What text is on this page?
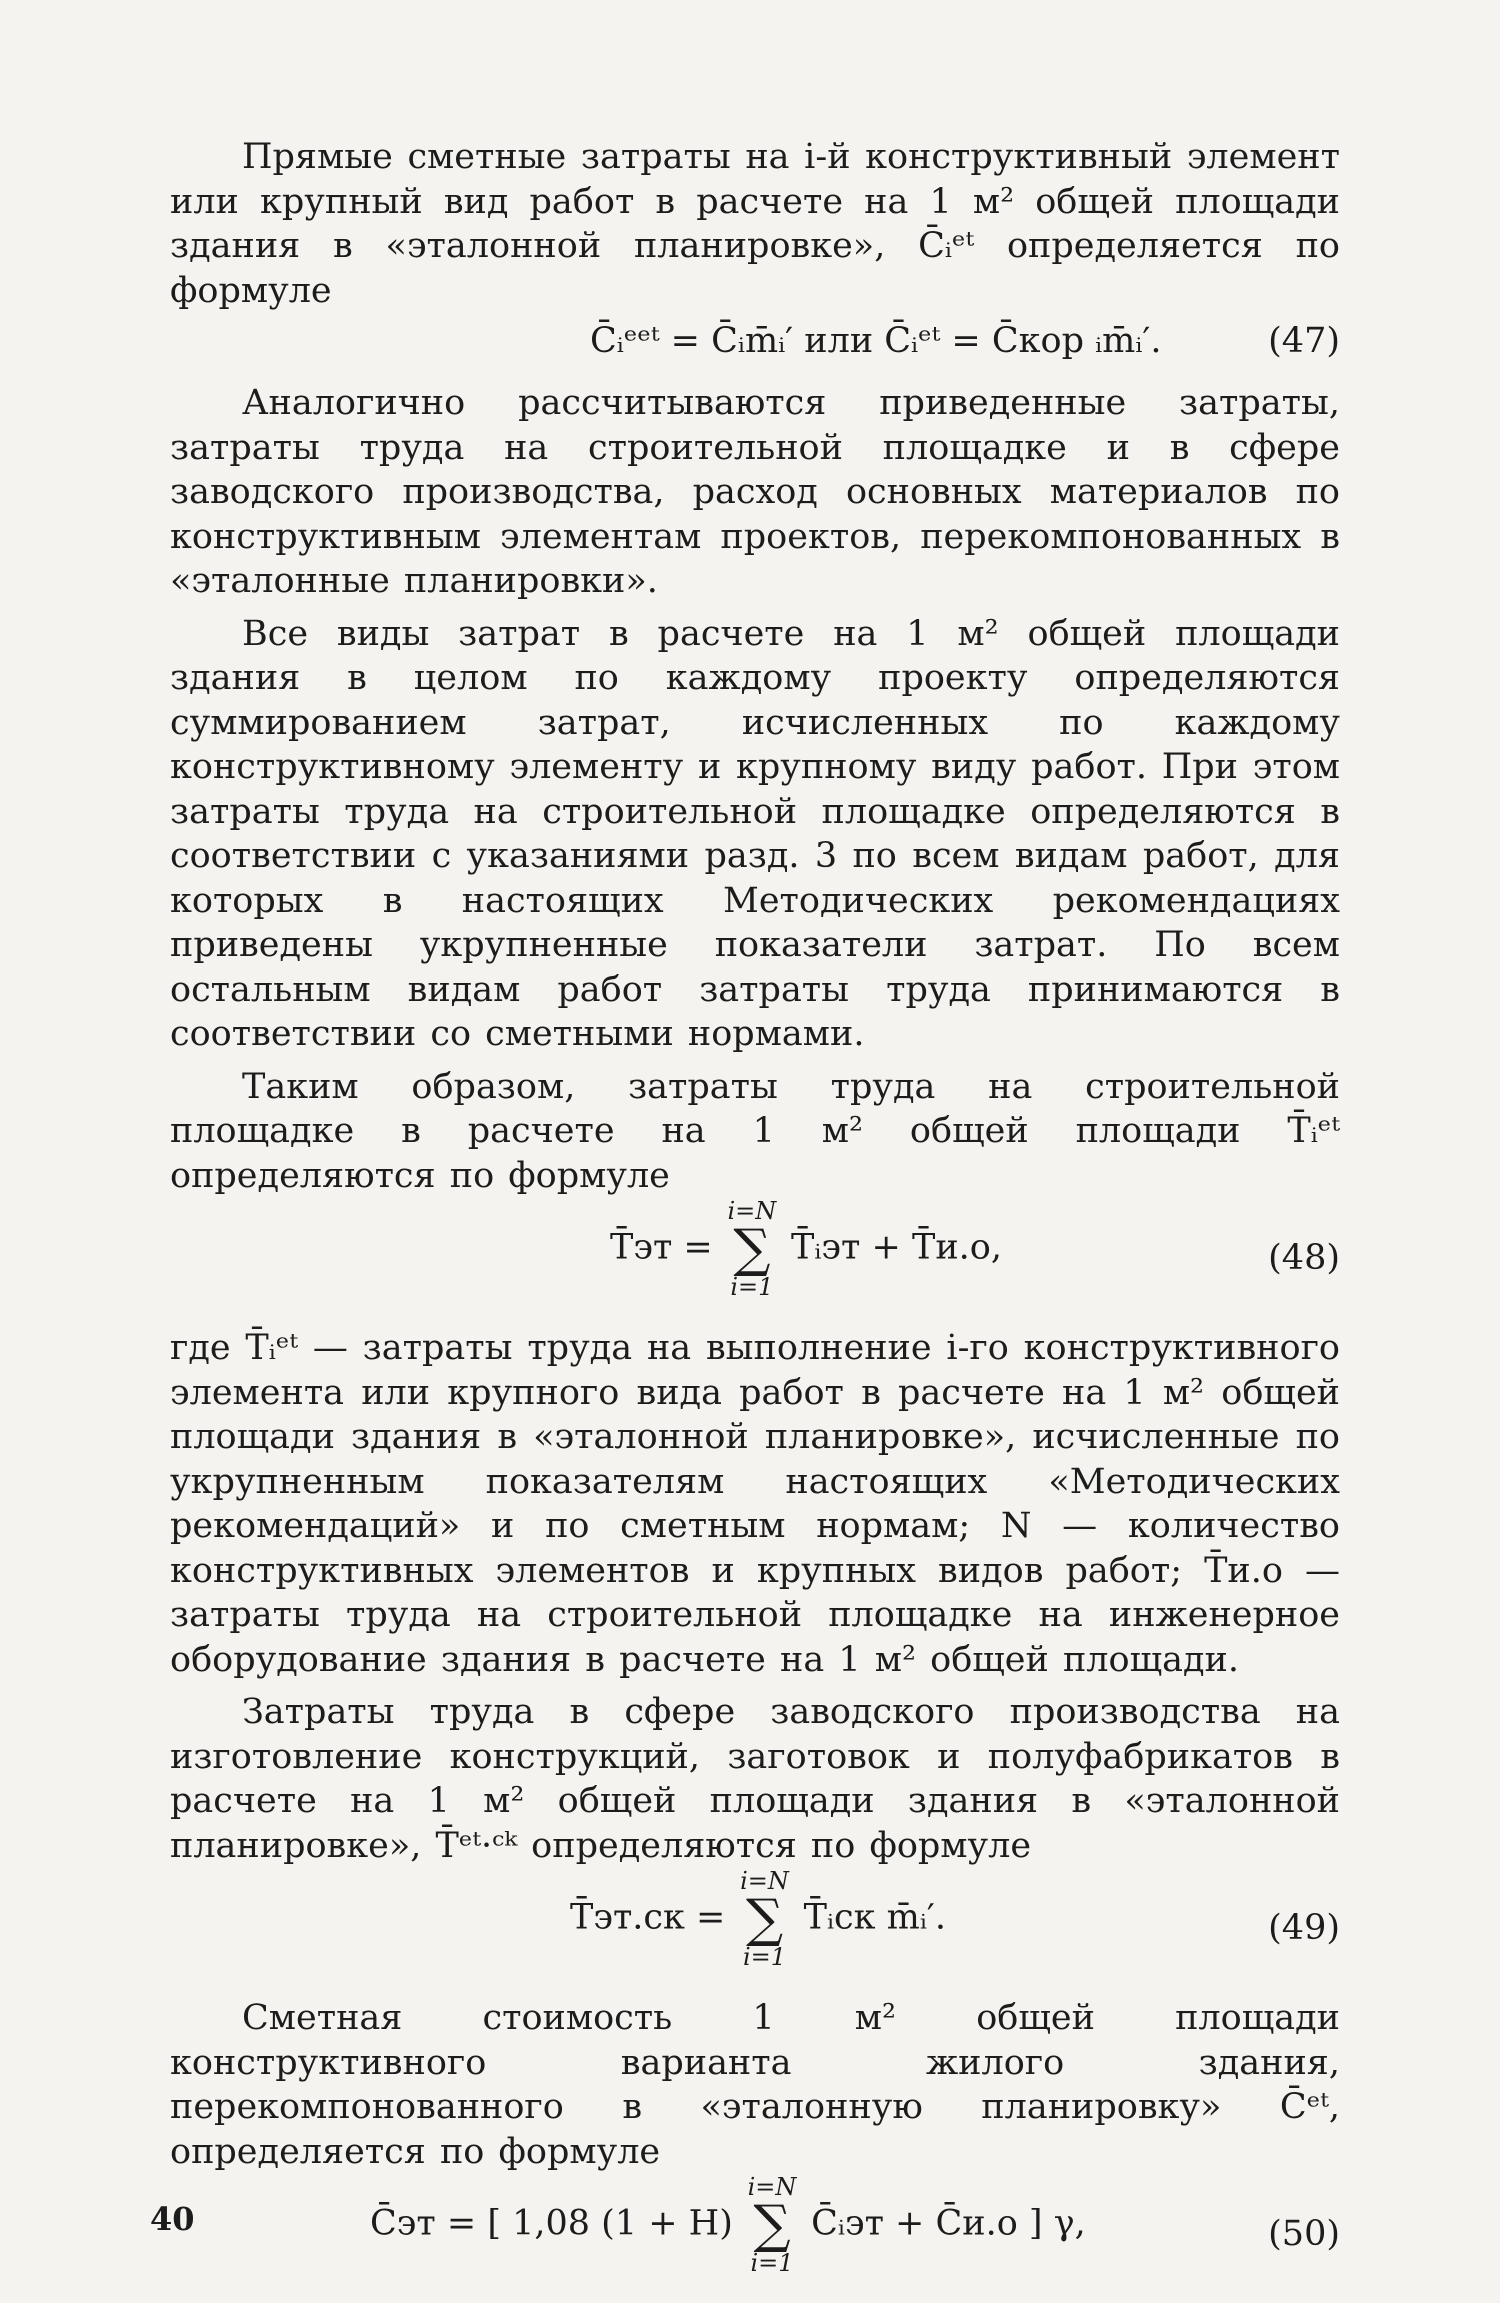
Прямые сметные затраты на i-й конструктивный элемент или крупный вид работ в расчете на 1 м² общей площади здания в «эталонной планировке», C̄ᵢᵉᵗ определяется по формуле

C̄ᵢᵉᵉᵗ = C̄ᵢm̄ᵢ′ или C̄ᵢᵉᵗ = C̄кор ᵢm̄ᵢ′.	(47)

Аналогично рассчитываются приведенные затраты, затраты труда на строительной площадке и в сфере заводского производства, расход основных материалов по конструктивным элементам проектов, перекомпонованных в «эталонные планировки».

Все виды затрат в расчете на 1 м² общей площади здания в целом по каждому проекту определяются суммированием затрат, исчисленных по каждому конструктивному элементу и крупному виду работ. При этом затраты труда на строительной площадке определяются в соответствии с указаниями разд. 3 по всем видам работ, для которых в настоящих Методических рекомендациях приведены укрупненные показатели затрат. По всем остальным видам работ затраты труда принимаются в соответствии со сметными нормами.

Таким образом, затраты труда на строительной площадке в расчете на 1 м² общей площади T̄ᵢᵉᵗ определяются по формуле

T̄эт =
i=N
∑
i=1
T̄ᵢэт + T̄и.о,	(48)

где T̄ᵢᵉᵗ — затраты труда на выполнение i-го конструктивного элемента или крупного вида работ в расчете на 1 м² общей площади здания в «эталонной планировке», исчисленные по укрупненным показателям настоящих «Методических рекомендаций» и по сметным нормам; N — количество конструктивных элементов и крупных видов работ; T̄и.о — затраты труда на строительной площадке на инженерное оборудование здания в расчете на 1 м² общей площади.

Затраты труда в сфере заводского производства на изготовление конструкций, заготовок и полуфабрикатов в расчете на 1 м² общей площади здания в «эталонной планировке», T̄ᵉᵗ·ᶜᵏ определяются по формуле

T̄эт.ск =
i=N
∑
i=1
T̄ᵢск m̄ᵢ′.	(49)

Сметная стоимость 1 м² общей площади конструктивного варианта жилого здания, перекомпонованного в «эталонную планировку» C̄ᵉᵗ, определяется по формуле

C̄эт = [ 1,08 (1 + H)
i=N
∑
i=1
C̄ᵢэт + C̄и.о ] γ,	(50)
40
